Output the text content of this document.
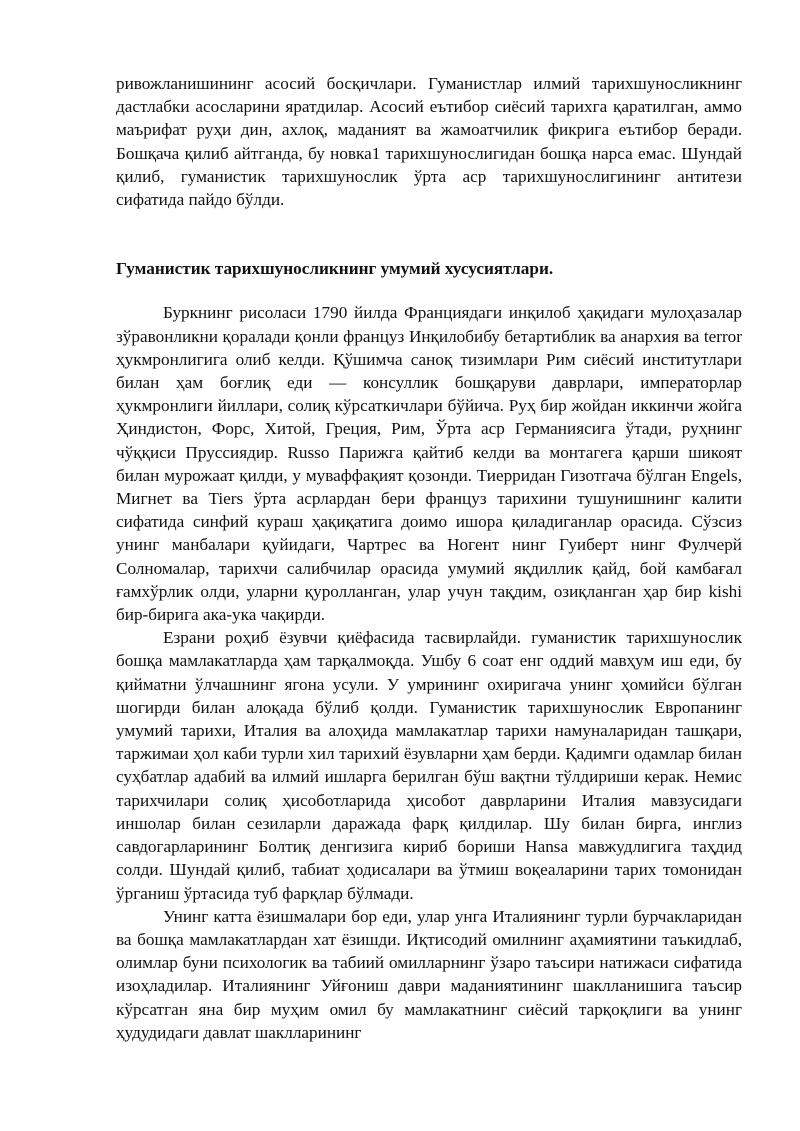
ривожланишининг асосий босқичлари. Гуманистлар илмий тарихшуносликнинг дастлабки асосларини яратдилар. Асосий еътибор сиёсий тарихга қаратилган, аммо маърифат руҳи дин, ахлоқ, маданият ва жамоатчилик фикрига еътибор беради. Бошқача қилиб айтганда, бу новка1 тарихшунослигидан бошқа нарса емас. Шундай қилиб, гуманистик тарихшунослик ўрта аср тарихшунослигининг антитези сифатида пайдо бўлди.

Гуманистик тарихшуносликнинг умумий хусусиятлари.

Буркнинг рисоласи 1790 йилда Франциядаги инқилоб ҳақидаги мулоҳазалар зўравонликни қоралади қонли француз Инқилобибу бетартиблик ва анархия ва terror ҳукмронлигига олиб келди. Қўшимча саноқ тизимлари Рим сиёсий институтлари билан ҳам боғлиқ еди — консуллик бошқаруви даврлари, императорлар ҳукмронлиги йиллари, солиқ кўрсаткичлари бўйича. Руҳ бир жойдан иккинчи жойга Ҳиндистон, Форс, Хитой, Греция, Рим, Ўрта аср Германиясига ўтади, руҳнинг чўққиси Пруссиядир. Russo Парижга қайтиб келди ва монтагега қарши шикоят билан мурожаат қилди, у муваффақият қозонди. Тиерридан Гизотгача бўлган Engels, Мигнет ва Tiers ўрта асрлардан бери француз тарихини тушунишнинг калити сифатида синфий кураш ҳақиқатига доимо ишора қиладиганлар орасида. Сўзсиз унинг манбалари қуйидаги, Чартрес ва Ногент нинг Гуиберт нинг Фулчерй Солномалар, тарихчи салибчилар орасида умумий яқдиллик қайд, бой камбағал ғамхўрлик олди, уларни қуролланган, улар учун тақдим, озиқланган ҳар бир kishi бир-бирига ака-ука чақирди.

Езрани роҳиб ёзувчи қиёфасида тасвирлайди. гуманистик тарихшунослик бошқа мамлакатларда ҳам тарқалмоқда. Ушбу 6 соат енг оддий мавҳум иш еди, бу қийматни ўлчашнинг ягона усули. У умрининг охиригача унинг ҳомийси бўлган шогирди билан алоқада бўлиб қолди. Гуманистик тарихшунослик Европанинг умумий тарихи, Италия ва алоҳида мамлакатлар тарихи намуналаридан ташқари, таржимаи ҳол каби турли хил тарихий ёзувларни ҳам берди. Қадимги одамлар билан суҳбатлар адабий ва илмий ишларга берилган бўш вақтни тўлдириши керак. Немис тарихчилари солиқ ҳисоботларида ҳисобот даврларини Италия мавзусидаги иншолар билан сезиларли даражада фарқ қилдилар. Шу билан бирга, инглиз савдогарларининг Болтиқ денгизига кириб бориши Hansa мавжудлигига таҳдид солди. Шундай қилиб, табиат ҳодисалари ва ўтмиш воқеаларини тарих томонидан ўрганиш ўртасида туб фарқлар бўлмади.

Унинг катта ёзишмалари бор еди, улар унга Италиянинг турли бурчакларидан ва бошқа мамлакатлардан хат ёзишди. Иқтисодий омилнинг аҳамиятини таъкидлаб, олимлар буни психологик ва табиий омилларнинг ўзаро таъсири натижаси сифатида изоҳладилар. Италиянинг Уйғониш даври маданиятининг шаклланишига таъсир кўрсатган яна бир муҳим омил бу мамлакатнинг сиёсий тарқоқлиги ва унинг ҳудудидаги давлат шаклларининг
